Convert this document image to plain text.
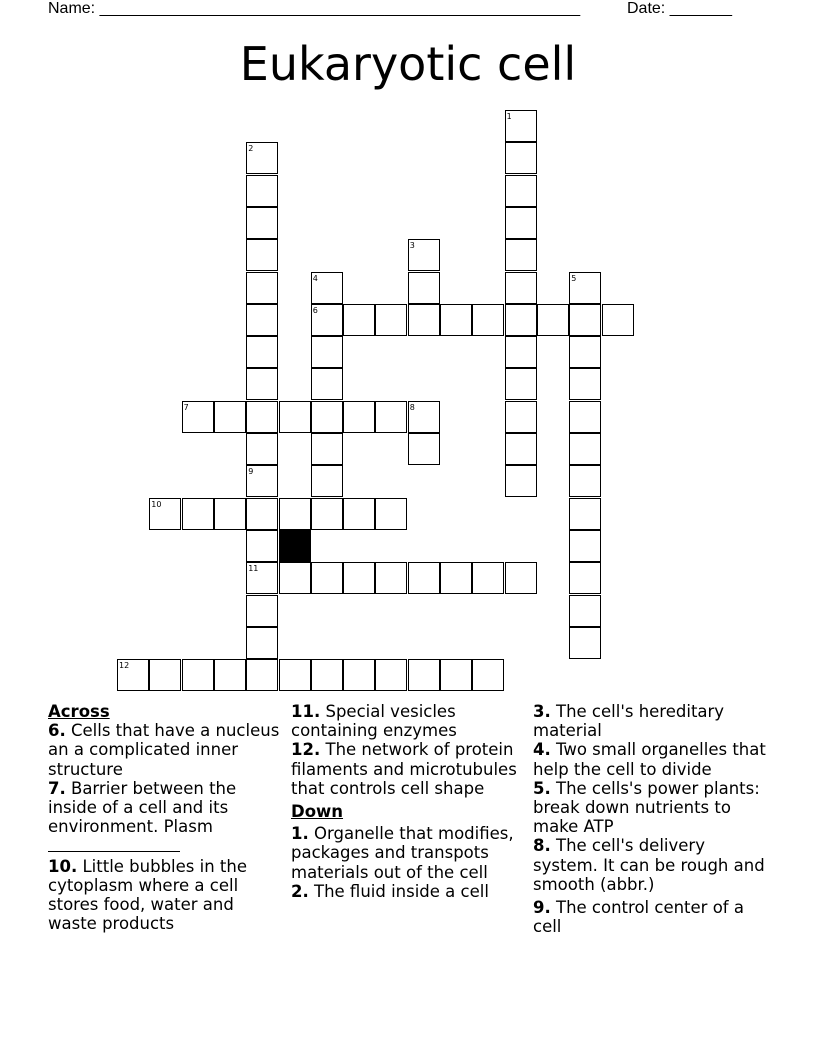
Name: ______________________________________________________	Date: _______
Eukaryotic cell
1
2
3
4	5
6
7	8
9
10
11
12

Across

6. Cells that have a nucleus an a complicated inner structure

7. Barrier between the inside of a cell and its environment. Plasm

10. Little bubbles in the cytoplasm where a cell stores food, water and waste products

11. Special vesicles containing enzymes

12. The network of protein filaments and microtubules that controls cell shape

Down

1. Organelle that modifies, packages and transpots materials out of the cell

2. The fluid inside a cell

3. The cell's hereditary material

4. Two small organelles that help the cell to divide

5. The cells's power plants: break down nutrients to make ATP

8. The cell's delivery system. It can be rough and smooth (abbr.)

9. The control center of a cell
